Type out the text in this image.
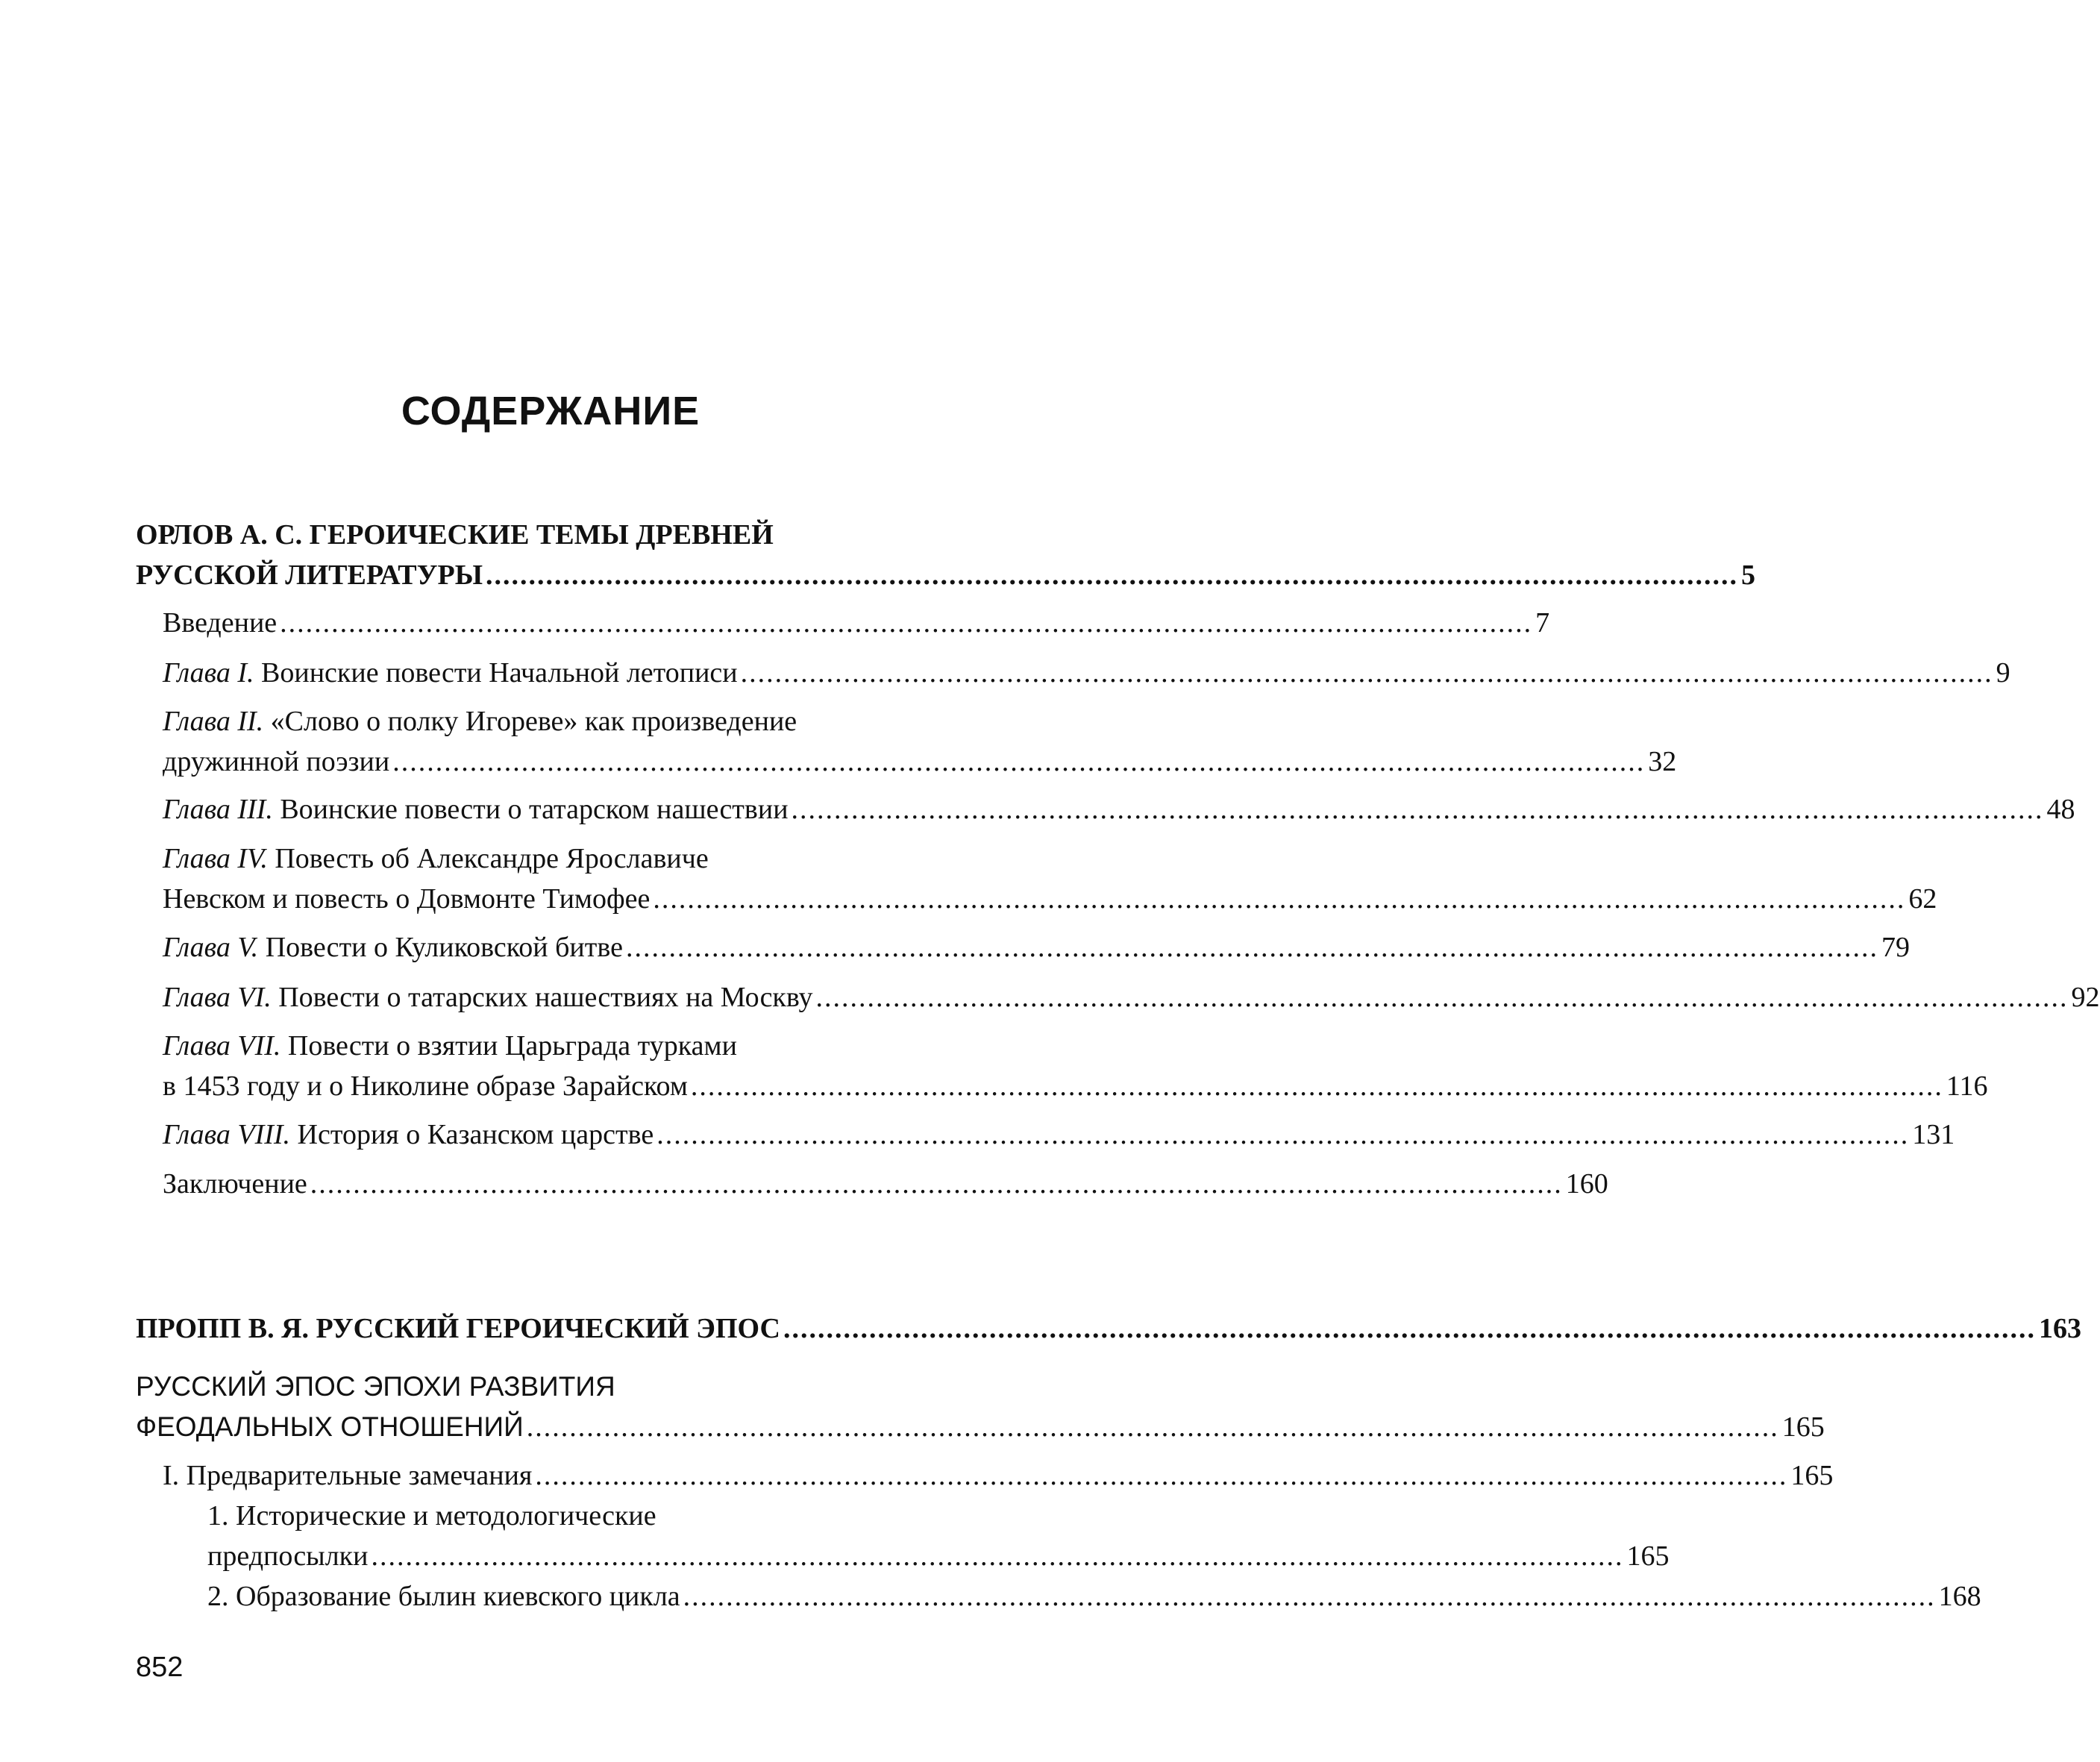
СОДЕРЖАНИЕ
ОРЛОВ А. С. ГЕРОИЧЕСКИЕ ТЕМЫ ДРЕВНЕЙ
РУССКОЙ ЛИТЕРАТУРЫ .................................................................................................................................................. 5
Введение .................................................................................................................................................. 7
Глава I. Воинские повести Начальной летописи .................................................................................................................................................. 9
Глава II. «Слово о полку Игореве» как произведение
дружинной поэзии .................................................................................................................................................. 32
Глава III. Воинские повести о татарском нашествии .................................................................................................................................................. 48
Глава IV. Повесть об Александре Ярославиче
Невском и повесть о Довмонте Тимофее .................................................................................................................................................. 62
Глава V. Повести о Куликовской битве .................................................................................................................................................. 79
Глава VI. Повести о татарских нашествиях на Москву .................................................................................................................................................. 92
Глава VII. Повести о взятии Царьграда турками
в 1453 году и о Николине образе Зарайском .................................................................................................................................................. 116
Глава VIII. История о Казанском царстве .................................................................................................................................................. 131
Заключение .................................................................................................................................................. 160
ПРОПП В. Я. РУССКИЙ ГЕРОИЧЕСКИЙ ЭПОС .................................................................................................................................................. 163
РУССКИЙ ЭПОС ЭПОХИ РАЗВИТИЯ
ФЕОДАЛЬНЫХ ОТНОШЕНИЙ .................................................................................................................................................. 165
I. Предварительные замечания .................................................................................................................................................. 165
1. Исторические и методологические
предпосылки .................................................................................................................................................. 165
2. Образование былин киевского цикла .................................................................................................................................................. 168
852
